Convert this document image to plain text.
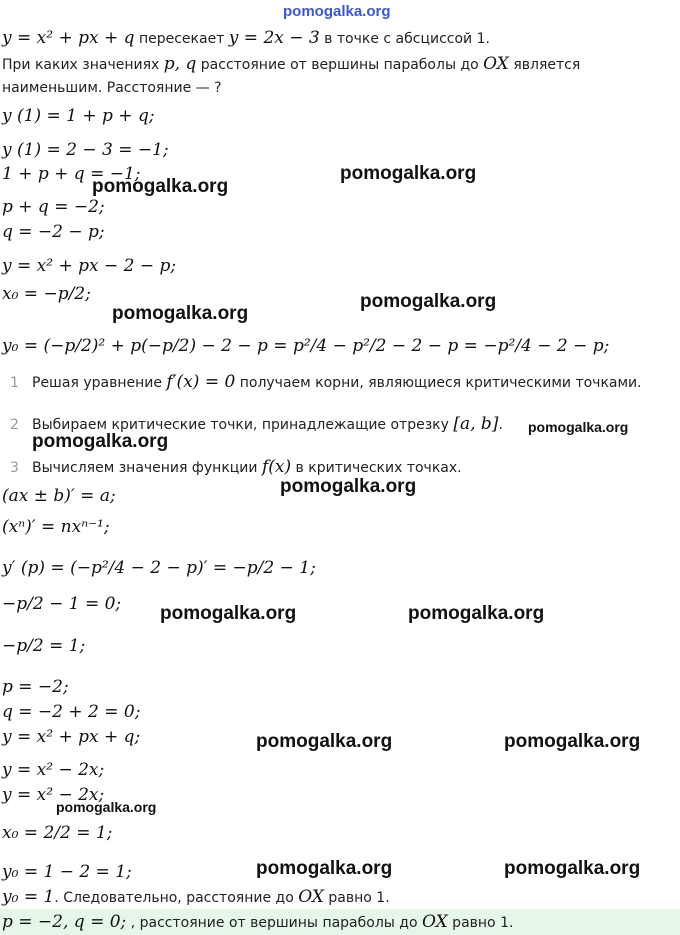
pomogalka.org
y = x² + px + q пересекает y = 2x − 3 в точке с абсциссой 1.
При каких значениях p, q расстояние от вершины параболы до OX является
наименьшим. Расстояние — ?
y (1) = 1 + p + q;
y (1) = 2 − 3 = −1;
1 + p + q = −1;
p + q = −2;
q = −2 − p;
y = x² + px − 2 − p;
x₀ = −p/2;
y₀ = (−p/2)² + p(−p/2) − 2 − p = p²/4 − p²/2 − 2 − p = −p²/4 − 2 − p;
1 Решая уравнение f′(x) = 0 получаем корни, являющиеся критическими точками.
2 Выбираем критические точки, принадлежащие отрезку [a, b].
3 Вычисляем значения функции f(x) в критических точках.
(ax ± b)′ = a;
(xⁿ)′ = nxⁿ⁻¹;
y′ (p) = (−p²/4 − 2 − p)′ = −p/2 − 1;
−p/2 − 1 = 0;
−p/2 = 1;
p = −2;
q = −2 + 2 = 0;
y = x² + px + q;
y = x² − 2x;
y = x² − 2x;
x₀ = 2/2 = 1;
y₀ = 1 − 2 = 1;
y₀ = 1. Следовательно, расстояние до OX равно 1.
p = −2, q = 0; , расстояние от вершины параболы до OX равно 1.
pomogalka.org
pomogalka.org
pomogalka.org
pomogalka.org
pomogalka.org
pomogalka.org
pomogalka.org
pomogalka.org	pomogalka.org
pomogalka.org	pomogalka.org
pomogalka.org
pomogalka.org	pomogalka.org
